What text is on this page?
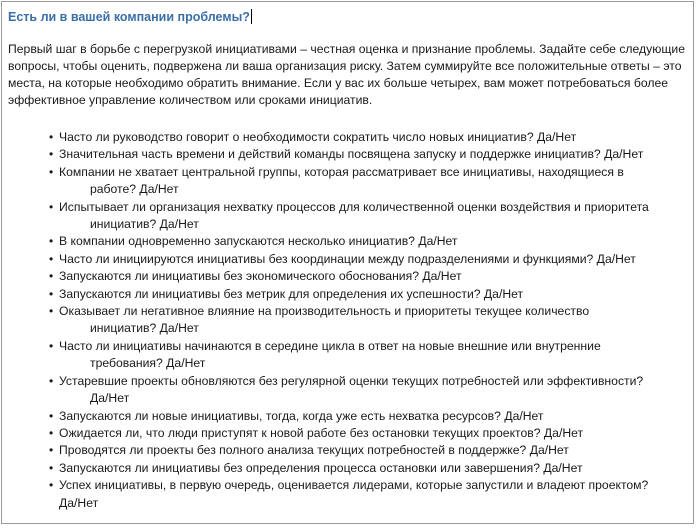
Есть ли в вашей компании проблемы?

Первый шаг в борьбе с перегрузкой инициативами – честная оценка и признание проблемы. Задайте себе следующие вопросы, чтобы оценить, подвержена ли ваша организация риску. Затем суммируйте все положительные ответы – это места, на которые необходимо обратить внимание. Если у вас их больше четырех, вам может потребоваться более эффективное управление количеством или сроками инициатив.

• Часто ли руководство говорит о необходимости сократить число новых инициатив? Да/Нет
• Значительная часть времени и действий команды посвящена запуску и поддержке инициатив? Да/Нет
• Компании не хватает центральной группы, которая рассматривает все инициативы, находящиеся в
работе? Да/Нет
• Испытывает ли организация нехватку процессов для количественной оценки воздействия и приоритета
инициатив? Да/Нет
• В компании одновременно запускаются несколько инициатив? Да/Нет
• Часто ли инициируются инициативы без координации между подразделениями и функциями? Да/Нет
• Запускаются ли инициативы без экономического обоснования? Да/Нет
• Запускаются ли инициативы без метрик для определения их успешности? Да/Нет
• Оказывает ли негативное влияние на производительность и приоритеты текущее количество
инициатив? Да/Нет
• Часто ли инициативы начинаются в середине цикла в ответ на новые внешние или внутренние
требования? Да/Нет
• Устаревшие проекты обновляются без регулярной оценки текущих потребностей или эффективности?
Да/Нет
• Запускаются ли новые инициативы, тогда, когда уже есть нехватка ресурсов? Да/Нет
• Ожидается ли, что люди приступят к новой работе без остановки текущих проектов? Да/Нет
• Проводятся ли проекты без полного анализа текущих потребностей в поддержке? Да/Нет
• Запускаются ли инициативы без определения процесса остановки или завершения? Да/Нет
• Успех инициативы, в первую очередь, оценивается лидерами, которые запустили и владеют проектом?
Да/Нет
